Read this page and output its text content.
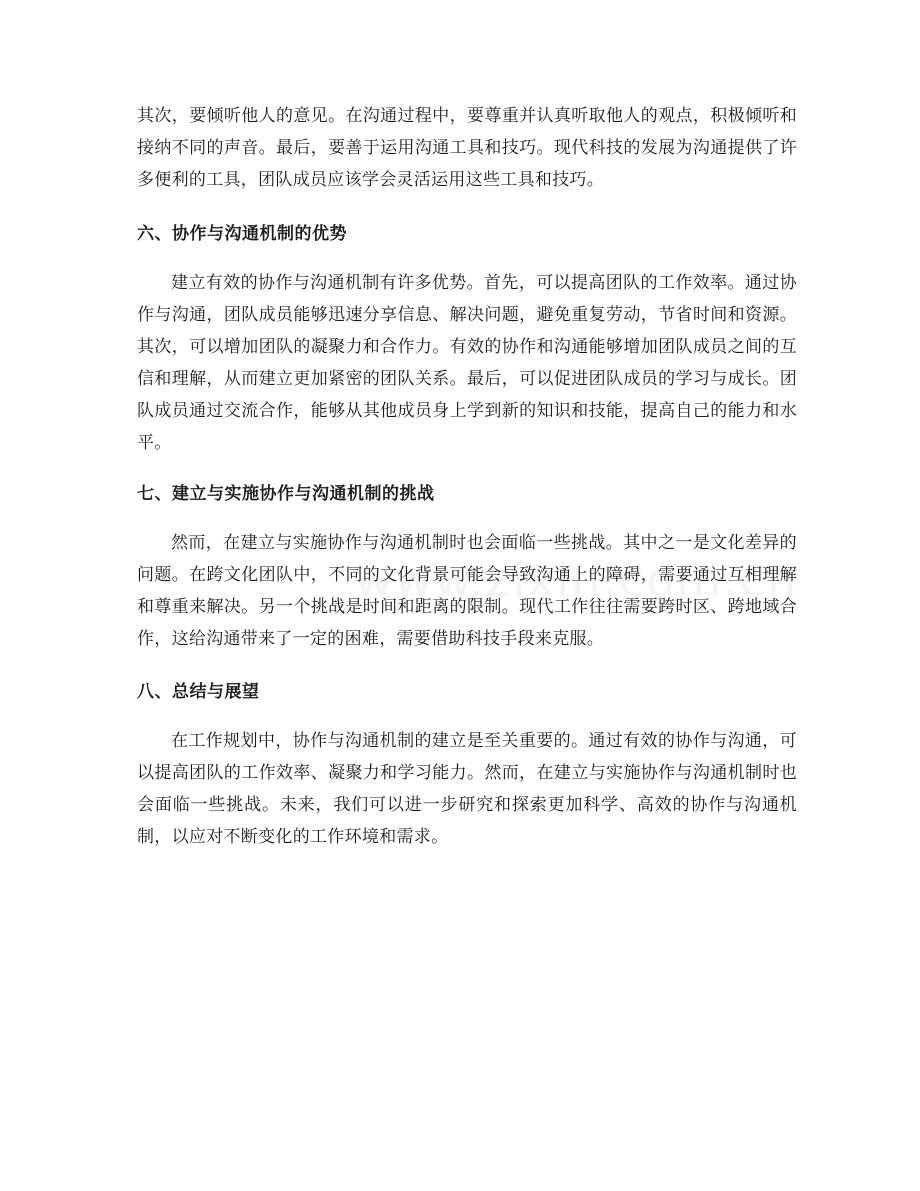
其次，要倾听他人的意见。在沟通过程中，要尊重并认真听取他人的观点，积极倾听和接纳不同的声音。最后，要善于运用沟通工具和技巧。现代科技的发展为沟通提供了许多便利的工具，团队成员应该学会灵活运用这些工具和技巧。

六、协作与沟通机制的优势

建立有效的协作与沟通机制有许多优势。首先，可以提高团队的工作效率。通过协作与沟通，团队成员能够迅速分享信息、解决问题，避免重复劳动，节省时间和资源。其次，可以增加团队的凝聚力和合作力。有效的协作和沟通能够增加团队成员之间的互信和理解，从而建立更加紧密的团队关系。最后，可以促进团队成员的学习与成长。团队成员通过交流合作，能够从其他成员身上学到新的知识和技能，提高自己的能力和水平。

七、建立与实施协作与沟通机制的挑战

然而，在建立与实施协作与沟通机制时也会面临一些挑战。其中之一是文化差异的问题。在跨文化团队中，不同的文化背景可能会导致沟通上的障碍，需要通过互相理解和尊重来解决。另一个挑战是时间和距离的限制。现代工作往往需要跨时区、跨地域合作，这给沟通带来了一定的困难，需要借助科技手段来克服。

八、总结与展望

在工作规划中，协作与沟通机制的建立是至关重要的。通过有效的协作与沟通，可以提高团队的工作效率、凝聚力和学习能力。然而，在建立与实施协作与沟通机制时也会面临一些挑战。未来，我们可以进一步研究和探索更加科学、高效的协作与沟通机制，以应对不断变化的工作环境和需求。
